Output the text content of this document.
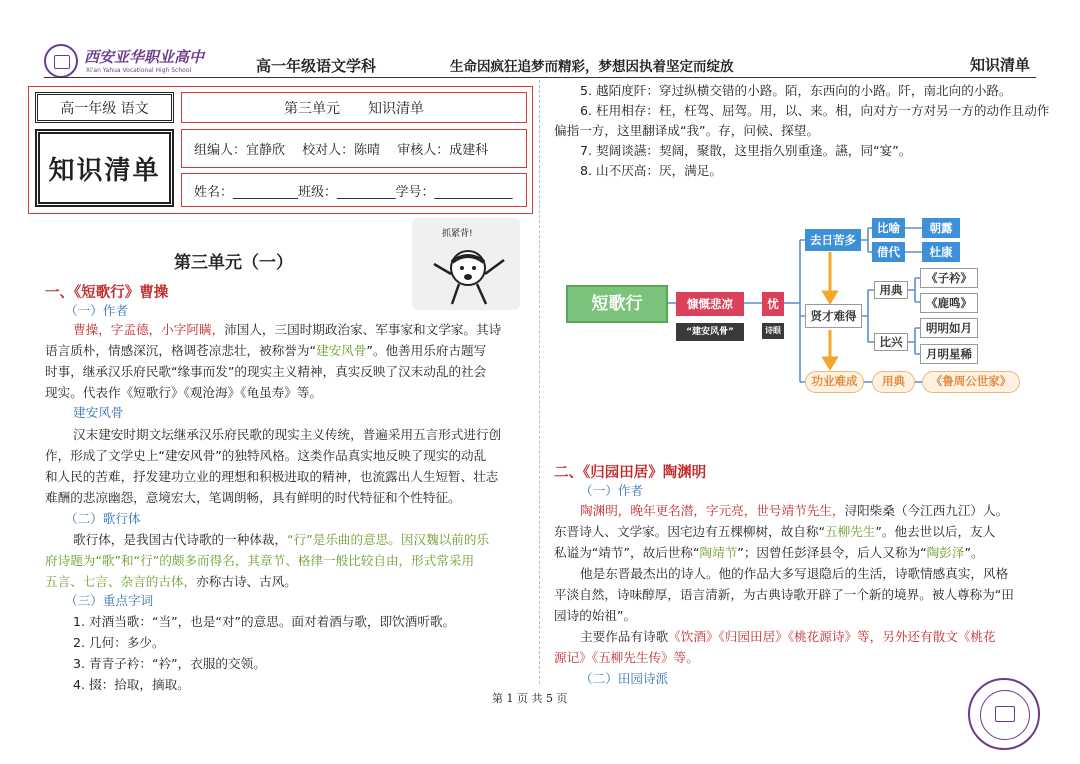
西安亚华职业高中
Xi'an Yahua Vocational High School	高一年级语文学科	生命因疯狂追梦而精彩，梦想因执着坚定而绽放	知识清单
高一年级 语文
知识清单
第三单元　　知识清单
组编人：宜静欣　 校对人：陈晴　 审核人：成建科
姓名：__________班级：_________学号：____________
抓紧背!
第三单元（一）
一、《短歌行》曹操
（一）作者
曹操，字孟德，小字阿瞒，沛国人，三国时期政治家、军事家和文学家。其诗
语言质朴，情感深沉，格调苍凉悲壮，被称誉为“建安风骨”。他善用乐府古题写
时事，继承汉乐府民歌“缘事而发”的现实主义精神，真实反映了汉末动乱的社会
现实。代表作《短歌行》《观沧海》《龟虽寿》等。
建安风骨
汉末建安时期文坛继承汉乐府民歌的现实主义传统，普遍采用五言形式进行创
作，形成了文学史上“建安风骨”的独特风格。这类作品真实地反映了现实的动乱
和人民的苦难，抒发建功立业的理想和积极进取的精神，也流露出人生短暂、壮志
难酬的悲凉幽怨，意境宏大，笔调朗畅，具有鲜明的时代特征和个性特征。
（二）歌行体
歌行体，是我国古代诗歌的一种体裁，“行”是乐曲的意思。因汉魏以前的乐
府诗题为“歌”和“行”的颇多而得名，其章节、格律一般比较自由，形式常采用
五言、七言、杂言的古体，亦称古诗、古风。
（三）重点字词
1. 对酒当歌：“当”，也是“对”的意思。面对着酒与歌，即饮酒听歌。
2. 几何：多少。
3. 青青子衿：“衿”，衣服的交领。
4. 掇：拾取，摘取。
5. 越陌度阡：穿过纵横交错的小路。陌，东西向的小路。阡，南北向的小路。
6. 枉用相存：枉，枉驾、屈驾。用，以、来。相，向对方一方对另一方的动作且动作
偏指一方，这里翻译成“我”。存，问候、探望。
7. 契阔谈讌：契阔，聚散，这里指久别重逢。讌，同“宴”。
8. 山不厌高：厌，满足。
短歌行	慷慨悲凉
“建安风骨”
忧
诗眼
去日苦多
比喻
借代
朝露
杜康
贤才难得
用典
比兴
《子衿》
《鹿鸣》
明明如月
月明星稀
功业难成	用典	《鲁周公世家》
二、《归园田居》陶渊明
（一）作者
陶渊明，晚年更名潜，字元亮，世号靖节先生，浔阳柴桑（今江西九江）人。
东晋诗人、文学家。因宅边有五棵柳树，故自称“五柳先生”。他去世以后，友人
私谥为“靖节”，故后世称“陶靖节”；因曾任彭泽县令，后人又称为“陶彭泽”。
他是东晋最杰出的诗人。他的作品大多写退隐后的生活，诗歌情感真实，风格
平淡自然，诗味醇厚，语言清新，为古典诗歌开辟了一个新的境界。被人尊称为“田
园诗的始祖”。
主要作品有诗歌《饮酒》《归园田居》《桃花源诗》等，另外还有散文《桃花
源记》《五柳先生传》等。
（二）田园诗派
第 1 页 共 5 页
